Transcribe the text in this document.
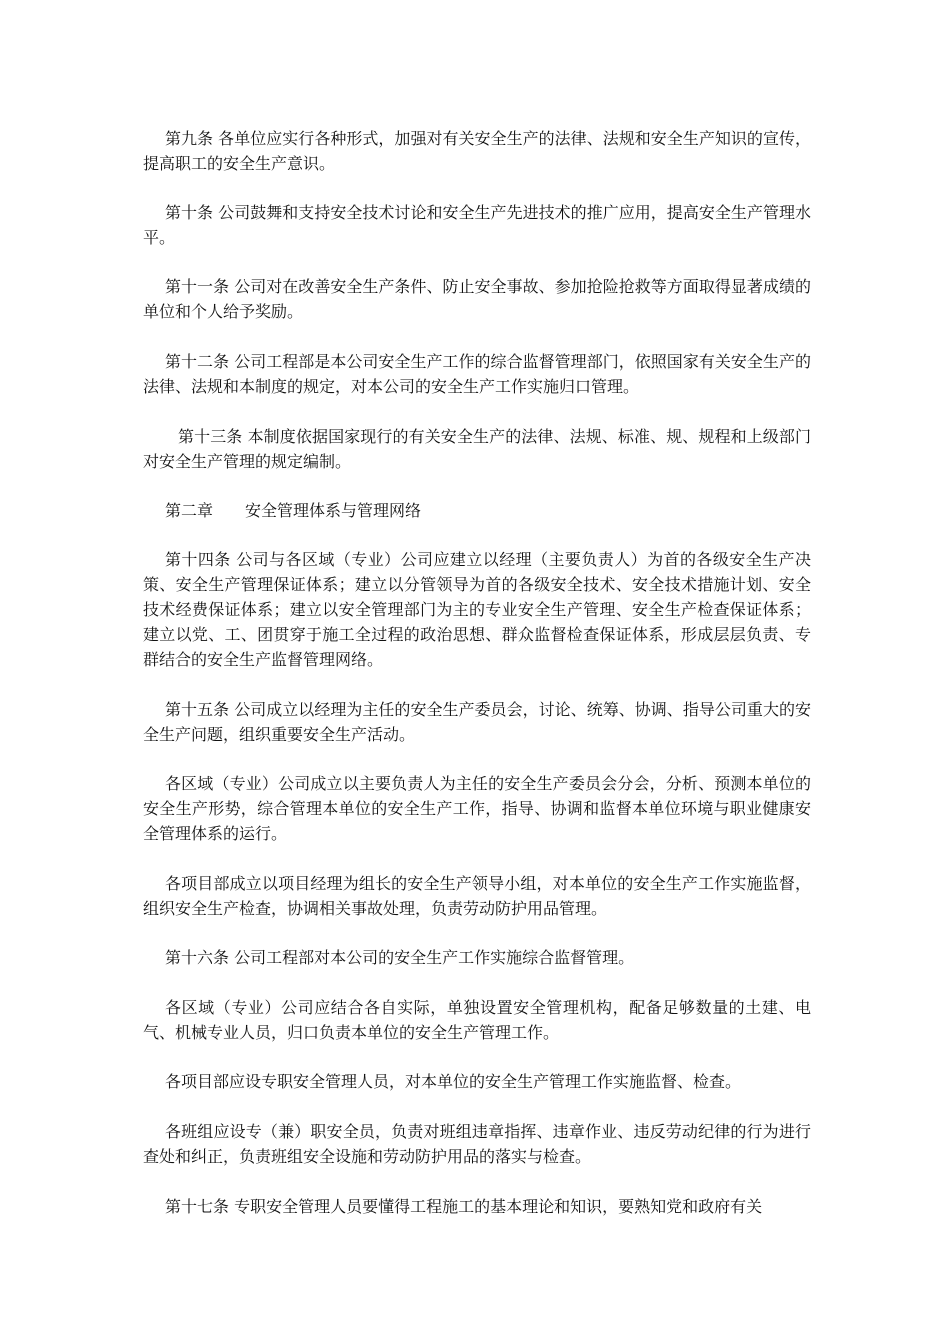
第九条 各单位应实行各种形式，加强对有关安全生产的法律、法规和安全生产知识的宣传，提高职工的安全生产意识。

第十条 公司鼓舞和支持安全技术讨论和安全生产先进技术的推广应用，提高安全生产管理水平。

第十一条 公司对在改善安全生产条件、防止安全事故、参加抢险抢救等方面取得显著成绩的单位和个人给予奖励。

第十二条 公司工程部是本公司安全生产工作的综合监督管理部门，依照国家有关安全生产的法律、法规和本制度的规定，对本公司的安全生产工作实施归口管理。

第十三条 本制度依据国家现行的有关安全生产的法律、法规、标准、规、规程和上级部门对安全生产管理的规定编制。

第二章 安全管理体系与管理网络

第十四条 公司与各区域（专业）公司应建立以经理（主要负责人）为首的各级安全生产决策、安全生产管理保证体系；建立以分管领导为首的各级安全技术、安全技术措施计划、安全技术经费保证体系；建立以安全管理部门为主的专业安全生产管理、安全生产检查保证体系；建立以党、工、团贯穿于施工全过程的政治思想、群众监督检查保证体系，形成层层负责、专群结合的安全生产监督管理网络。

第十五条 公司成立以经理为主任的安全生产委员会，讨论、统筹、协调、指导公司重大的安全生产问题，组织重要安全生产活动。

各区域（专业）公司成立以主要负责人为主任的安全生产委员会分会，分析、预测本单位的安全生产形势，综合管理本单位的安全生产工作，指导、协调和监督本单位环境与职业健康安全管理体系的运行。

各项目部成立以项目经理为组长的安全生产领导小组，对本单位的安全生产工作实施监督，组织安全生产检查，协调相关事故处理，负责劳动防护用品管理。

第十六条 公司工程部对本公司的安全生产工作实施综合监督管理。

各区域（专业）公司应结合各自实际，单独设置安全管理机构，配备足够数量的土建、电气、机械专业人员，归口负责本单位的安全生产管理工作。

各项目部应设专职安全管理人员，对本单位的安全生产管理工作实施监督、检查。

各班组应设专（兼）职安全员，负责对班组违章指挥、违章作业、违反劳动纪律的行为进行查处和纠正，负责班组安全设施和劳动防护用品的落实与检查。

第十七条 专职安全管理人员要懂得工程施工的基本理论和知识，要熟知党和政府有关
